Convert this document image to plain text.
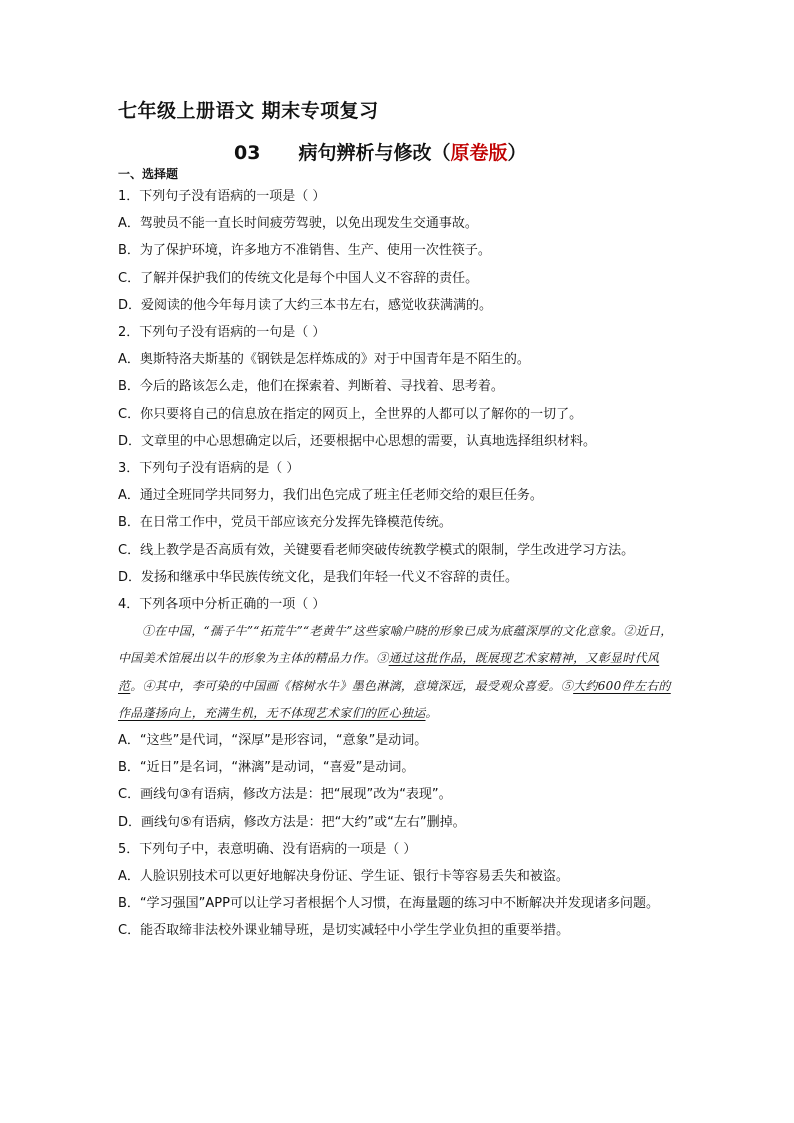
七年级上册语文 期末专项复习
03 病句辨析与修改（原卷版）
一、选择题
1．下列句子没有语病的一项是（ ）
A．驾驶员不能一直长时间疲劳驾驶，以免出现发生交通事故。
B．为了保护环境，许多地方不准销售、生产、使用一次性筷子。
C．了解并保护我们的传统文化是每个中国人义不容辞的责任。
D．爱阅读的他今年每月读了大约三本书左右，感觉收获满满的。
2．下列句子没有语病的一句是（ ）
A．奥斯特洛夫斯基的《钢铁是怎样炼成的》对于中国青年是不陌生的。
B．今后的路该怎么走，他们在探索着、判断着、寻找着、思考着。
C．你只要将自己的信息放在指定的网页上，全世界的人都可以了解你的一切了。
D．文章里的中心思想确定以后，还要根据中心思想的需要，认真地选择组织材料。
3．下列句子没有语病的是（ ）
A．通过全班同学共同努力，我们出色完成了班主任老师交给的艰巨任务。
B．在日常工作中，党员干部应该充分发挥先锋模范传统。
C．线上教学是否高质有效，关键要看老师突破传统教学模式的限制，学生改进学习方法。
D．发扬和继承中华民族传统文化，是我们年轻一代义不容辞的责任。
4．下列各项中分析正确的一项（ ）
①在中国，“孺子牛”“拓荒牛”“老黄牛”这些家喻户晓的形象已成为底蕴深厚的文化意象。②近日，中国美术馆展出以牛的形象为主体的精品力作。③通过这批作品，既展现艺术家精神，又彰显时代风范。④其中，李可染的中国画《榕树水牛》墨色淋漓，意境深远，最受观众喜爱。⑤大约600件左右的作品蓬扬向上，充满生机，无不体现艺术家们的匠心独运。
A．“这些”是代词，“深厚”是形容词，“意象”是动词。
B．“近日”是名词，“淋漓”是动词，“喜爱”是动词。
C．画线句③有语病，修改方法是：把“展现”改为“表现”。
D．画线句⑤有语病，修改方法是：把“大约”或“左右”删掉。
5．下列句子中，表意明确、没有语病的一项是（ ）
A．人脸识别技术可以更好地解决身份证、学生证、银行卡等容易丢失和被盗。
B．“学习强国”APP可以让学习者根据个人习惯，在海量题的练习中不断解决并发现诸多问题。
C．能否取缔非法校外课业辅导班，是切实减轻中小学生学业负担的重要举措。
